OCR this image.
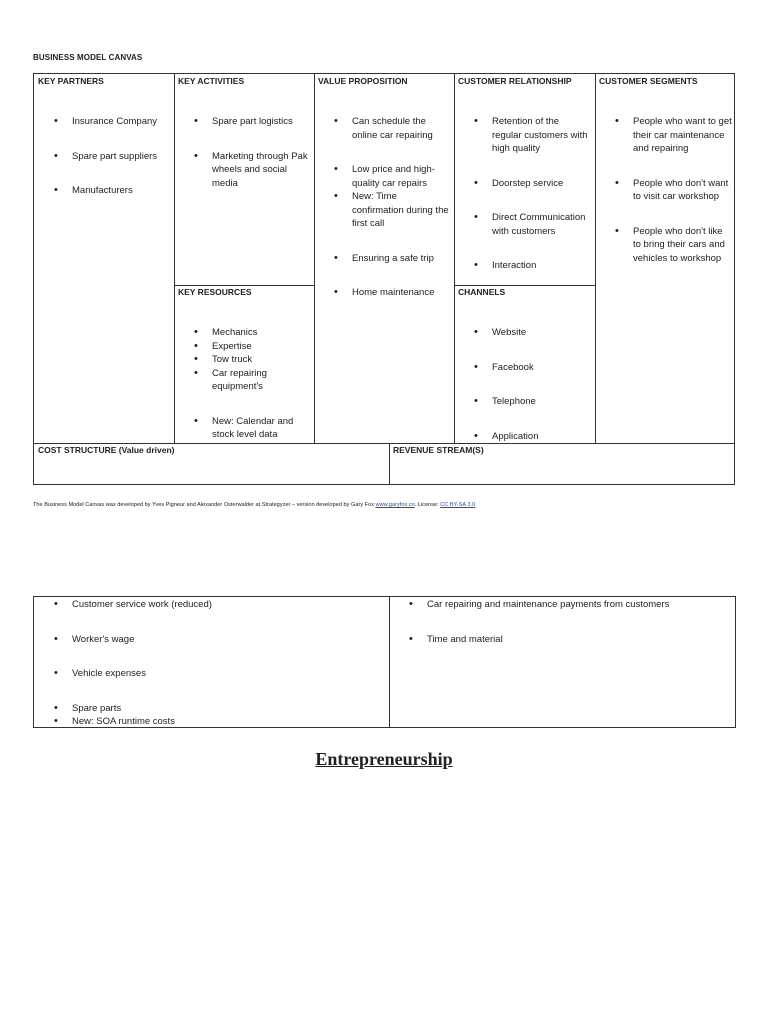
BUSINESS MODEL CANVAS
KEY PARTNERS
• Insurance Company
• Spare part suppliers
• Manufacturers
KEY ACTIVITIES
• Spare part logistics
• Marketing through Pak wheels and social media
KEY RESOURCES
• Mechanics
• Expertise
• Tow truck
• Car repairing equipment's
• New: Calendar and stock level data
VALUE PROPOSITION
• Can schedule the online car repairing
• Low price and high-quality car repairs
• New: Time confirmation during the first call
• Ensuring a safe trip
• Home maintenance
CUSTOMER RELATIONSHIP
• Retention of the regular customers with high quality
• Doorstep service
• Direct Communication with customers
• Interaction
CHANNELS
• Website
• Facebook
• Telephone
• Application
CUSTOMER SEGMENTS
• People who want to get their car maintenance and repairing
• People who don't want to visit car workshop
• People who don't like to bring their cars and vehicles to workshop
COST STRUCTURE (Value driven)	REVENUE STREAM(S)
The Business Model Canvas was developed by Yves Pigneur and Alexander Osterwalder at Strategyzer – version developed by Gary Fox www.garyfox.co. License: CC BY-SA 3.0
• Customer service work (reduced)
• Worker's wage
• Vehicle expenses
• Spare parts
• New: SOA runtime costs
• Car repairing and maintenance payments from customers
• Time and material
Entrepreneurship
